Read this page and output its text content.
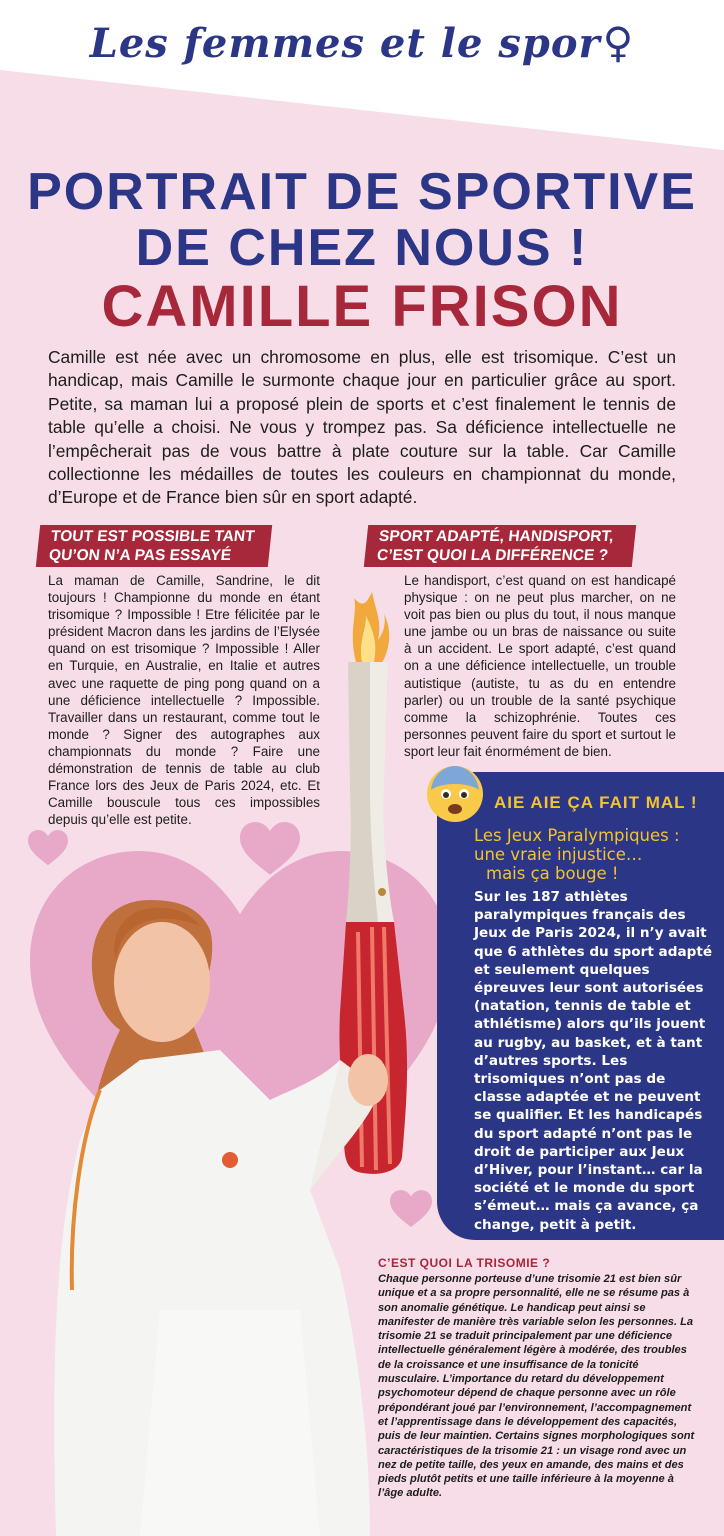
Les femmes et le spor♀
PORTRAIT DE SPORTIVE
DE CHEZ NOUS !
CAMILLE FRISON

Camille est née avec un chromosome en plus, elle est trisomique. C’est un handicap, mais Camille le surmonte chaque jour en particulier grâce au sport. Petite, sa maman lui a proposé plein de sports et c’est finalement le tennis de table qu’elle a choisi. Ne vous y trompez pas. Sa déficience intellectuelle ne l’empêcherait pas de vous battre à plate couture sur la table. Car Camille collectionne les médailles de toutes les couleurs en championnat du monde, d’Europe et de France bien sûr en sport adapté.

TOUT EST POSSIBLE TANT QU’ON N’A PAS ESSAYÉ
SPORT ADAPTÉ, HANDISPORT, C’EST QUOI LA DIFFÉRENCE ?

La maman de Camille, Sandrine, le dit toujours ! Championne du monde en étant trisomique ? Impossible ! Etre félicitée par le président Macron dans les jardins de l’Elysée quand on est trisomique ? Impossible ! Aller en Turquie, en Australie, en Italie et autres avec une raquette de ping pong quand on a une déficience intellectuelle ? Impossible. Travailler dans un restaurant, comme tout le monde ? Signer des autographes aux championnats du monde ? Faire une démonstration de tennis de table au club France lors des Jeux de Paris 2024, etc. Et Camille bouscule tous ces impossibles depuis qu’elle est petite.

Le handisport, c’est quand on est handicapé physique : on ne peut plus marcher, on ne voit pas bien ou plus du tout, il nous manque une jambe ou un bras de naissance ou suite à un accident. Le sport adapté, c’est quand on a une déficience intellectuelle, un trouble autistique (autiste, tu as du en entendre parler) ou un trouble de la santé psychique comme la schizophrénie. Toutes ces personnes peuvent faire du sport et surtout le sport leur fait énormément de bien.

AIE AIE ÇA FAIT MAL !
Les Jeux Paralympiques :
une vraie injustice…
mais ça bouge !

Sur les 187 athlètes paralympiques français des Jeux de Paris 2024, il n’y avait que 6 athlètes du sport adapté et seulement quelques épreuves leur sont autorisées (natation, tennis de table et athlétisme) alors qu’ils jouent au rugby, au basket, et à tant d’autres sports. Les trisomiques n’ont pas de classe adaptée et ne peuvent se qualifier. Et les handicapés du sport adapté n’ont pas le droit de participer aux Jeux d’Hiver, pour l’instant… car la société et le monde du sport s’émeut… mais ça avance, ça change, petit à petit.

C’EST QUOI LA TRISOMIE ?

Chaque personne porteuse d’une trisomie 21 est bien sûr unique et a sa propre personnalité, elle ne se résume pas à son anomalie génétique. Le handicap peut ainsi se manifester de manière très variable selon les personnes. La trisomie 21 se traduit principalement par une déficience intellectuelle généralement légère à modérée, des troubles de la croissance et une insuffisance de la tonicité musculaire. L’importance du retard du développement psychomoteur dépend de chaque personne avec un rôle prépondérant joué par l’environnement, l’accompagnement et l’apprentissage dans le développement des capacités, puis de leur maintien. Certains signes morphologiques sont caractéristiques de la trisomie 21 : un visage rond avec un nez de petite taille, des yeux en amande, des mains et des pieds plutôt petits et une taille inférieure à la moyenne à l’âge adulte.
